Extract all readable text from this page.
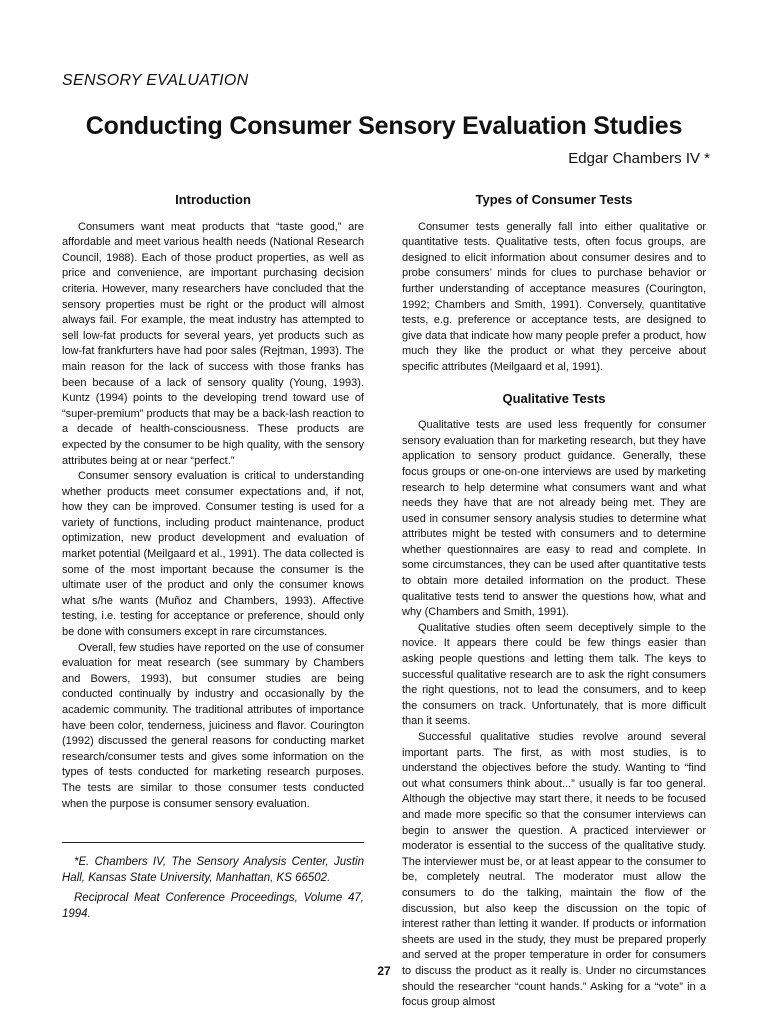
SENSORY EVALUATION
Conducting Consumer Sensory Evaluation Studies
Edgar Chambers IV *
Introduction

Consumers want meat products that “taste good,” are affordable and meet various health needs (National Research Council, 1988). Each of those product properties, as well as price and convenience, are important purchasing decision criteria. However, many researchers have concluded that the sensory properties must be right or the product will almost always fail. For example, the meat industry has attempted to sell low-fat products for several years, yet products such as low-fat frankfurters have had poor sales (Rejtman, 1993). The main reason for the lack of success with those franks has been because of a lack of sensory quality (Young, 1993). Kuntz (1994) points to the developing trend toward use of “super-premium” products that may be a back-lash reaction to a decade of health-consciousness. These products are expected by the consumer to be high quality, with the sensory attributes being at or near “perfect.”

Consumer sensory evaluation is critical to understanding whether products meet consumer expectations and, if not, how they can be improved. Consumer testing is used for a variety of functions, including product maintenance, product optimization, new product development and evaluation of market potential (Meilgaard et al., 1991). The data collected is some of the most important because the consumer is the ultimate user of the product and only the consumer knows what s/he wants (Muñoz and Chambers, 1993). Affective testing, i.e. testing for acceptance or preference, should only be done with consumers except in rare circumstances.

Overall, few studies have reported on the use of consumer evaluation for meat research (see summary by Chambers and Bowers, 1993), but consumer studies are being conducted continually by industry and occasionally by the academic community. The traditional attributes of importance have been color, tenderness, juiciness and flavor. Courington (1992) discussed the general reasons for conducting market research/consumer tests and gives some information on the types of tests conducted for marketing research purposes. The tests are similar to those consumer tests conducted when the purpose is consumer sensory evaluation.

*E. Chambers IV, The Sensory Analysis Center, Justin Hall, Kansas State University, Manhattan, KS 66502.

Reciprocal Meat Conference Proceedings, Volume 47, 1994.

Types of Consumer Tests

Consumer tests generally fall into either qualitative or quantitative tests. Qualitative tests, often focus groups, are designed to elicit information about consumer desires and to probe consumers’ minds for clues to purchase behavior or further understanding of acceptance measures (Courington, 1992; Chambers and Smith, 1991). Conversely, quantitative tests, e.g. preference or acceptance tests, are designed to give data that indicate how many people prefer a product, how much they like the product or what they perceive about specific attributes (Meilgaard et al, 1991).

Qualitative Tests

Qualitative tests are used less frequently for consumer sensory evaluation than for marketing research, but they have application to sensory product guidance. Generally, these focus groups or one-on-one interviews are used by marketing research to help determine what consumers want and what needs they have that are not already being met. They are used in consumer sensory analysis studies to determine what attributes might be tested with consumers and to determine whether questionnaires are easy to read and complete. In some circumstances, they can be used after quantitative tests to obtain more detailed information on the product. These qualitative tests tend to answer the questions how, what and why (Chambers and Smith, 1991).

Qualitative studies often seem deceptively simple to the novice. It appears there could be few things easier than asking people questions and letting them talk. The keys to successful qualitative research are to ask the right consumers the right questions, not to lead the consumers, and to keep the consumers on track. Unfortunately, that is more difficult than it seems.

Successful qualitative studies revolve around several important parts. The first, as with most studies, is to understand the objectives before the study. Wanting to “find out what consumers think about...” usually is far too general. Although the objective may start there, it needs to be focused and made more specific so that the consumer interviews can begin to answer the question. A practiced interviewer or moderator is essential to the success of the qualitative study. The interviewer must be, or at least appear to the consumer to be, completely neutral. The moderator must allow the consumers to do the talking, maintain the flow of the discussion, but also keep the discussion on the topic of interest rather than letting it wander. If products or information sheets are used in the study, they must be prepared properly and served at the proper temperature in order for consumers to discuss the product as it really is. Under no circumstances should the researcher “count hands.” Asking for a “vote” in a focus group almost

27
